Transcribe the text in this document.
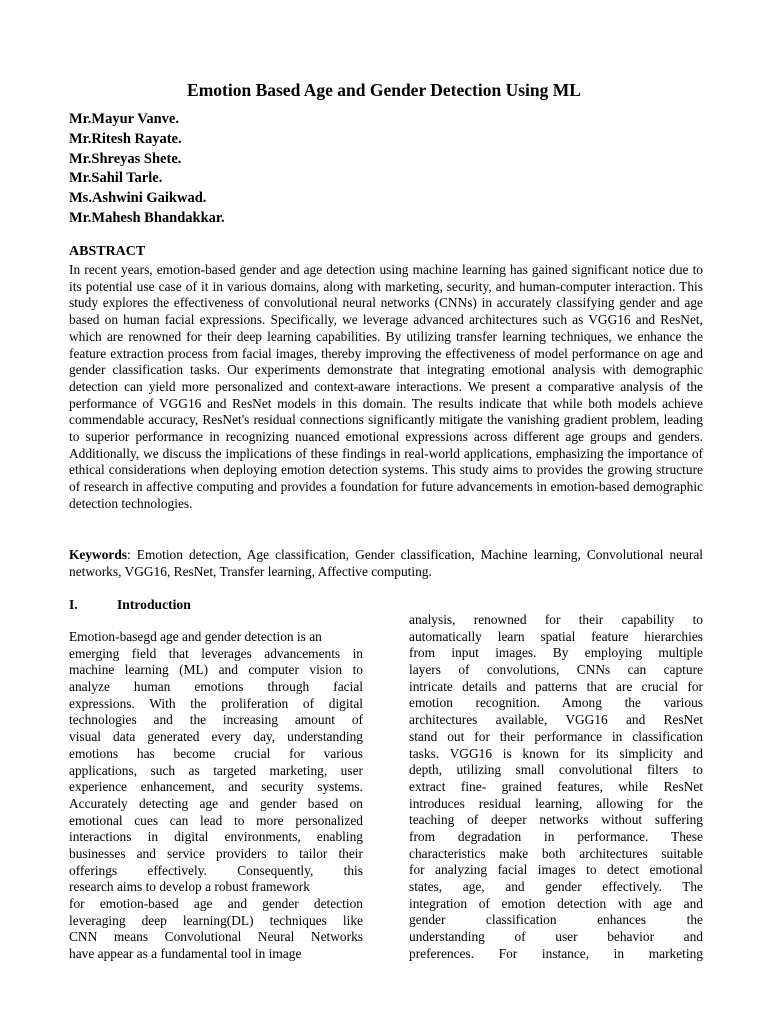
Emotion Based Age and Gender Detection Using ML
Mr.Mayur Vanve.
Mr.Ritesh Rayate.
Mr.Shreyas Shete.
Mr.Sahil Tarle.
Ms.Ashwini Gaikwad.
Mr.Mahesh Bhandakkar.
ABSTRACT
In recent years, emotion-based gender and age detection using machine learning has gained significant notice due to its potential use case of it in various domains, along with marketing, security, and human-computer interaction. This study explores the effectiveness of convolutional neural networks (CNNs) in accurately classifying gender and age based on human facial expressions. Specifically, we leverage advanced architectures such as VGG16 and ResNet, which are renowned for their deep learning capabilities. By utilizing transfer learning techniques, we enhance the feature extraction process from facial images, thereby improving the effectiveness of model performance on age and gender classification tasks. Our experiments demonstrate that integrating emotional analysis with demographic detection can yield more personalized and context-aware interactions. We present a comparative analysis of the performance of VGG16 and ResNet models in this domain. The results indicate that while both models achieve commendable accuracy, ResNet's residual connections significantly mitigate the vanishing gradient problem, leading to superior performance in recognizing nuanced emotional expressions across different age groups and genders. Additionally, we discuss the implications of these findings in real-world applications, emphasizing the importance of ethical considerations when deploying emotion detection systems. This study aims to provides the growing structure of research in affective computing and provides a foundation for future advancements in emotion-based demographic detection technologies.
Keywords: Emotion detection, Age classification, Gender classification, Machine learning, Convolutional neural networks, VGG16, ResNet, Transfer learning, Affective computing.
I.	Introduction
Emotion-basegd age and gender detection is an
emerging field that leverages advancements in
machine learning (ML) and computer vision to
analyze human emotions through facial
expressions. With the proliferation of digital
technologies and the increasing amount of
visual data generated every day, understanding
emotions has become crucial for various
applications, such as targeted marketing, user
experience enhancement, and security systems.
Accurately detecting age and gender based on
emotional cues can lead to more personalized
interactions in digital environments, enabling
businesses and service providers to tailor their
offerings effectively. Consequently, this
research aims to develop a robust framework
for emotion-based age and gender detection
leveraging deep learning(DL) techniques like
CNN means Convolutional Neural Networks
have appear as a fundamental tool in image
analysis, renowned for their capability to
automatically learn spatial feature hierarchies
from input images. By employing multiple
layers of convolutions, CNNs can capture
intricate details and patterns that are crucial for
emotion recognition. Among the various
architectures available, VGG16 and ResNet
stand out for their performance in classification
tasks. VGG16 is known for its simplicity and
depth, utilizing small convolutional filters to
extract fine- grained features, while ResNet
introduces residual learning, allowing for the
teaching of deeper networks without suffering
from degradation in performance. These
characteristics make both architectures suitable
for analyzing facial images to detect emotional
states, age, and gender effectively. The
integration of emotion detection with age and
gender classification enhances the
understanding of user behavior and
preferences. For instance, in marketing
